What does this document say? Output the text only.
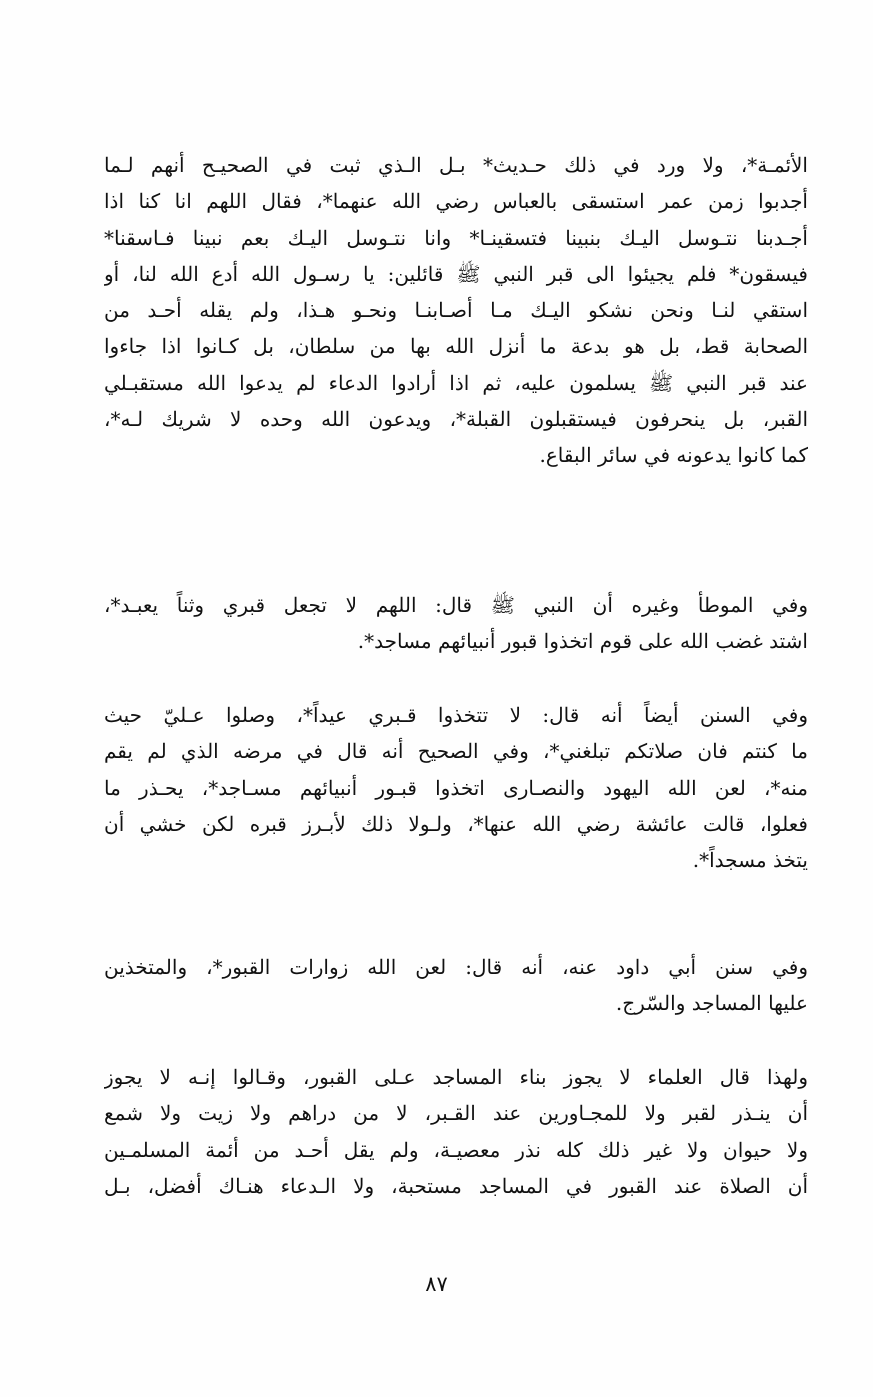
الأئمـة*، ولا ورد في ذلك حـديث* بـل الـذي ثبت في الصحيـح أنهم لـما
أجدبوا زمن عمر استسقى بالعباس رضي الله عنهما*، فقال اللهم انا كنا اذا
أجـدبنا نتـوسل اليـك بنبينا فتسقينـا* وانا نتـوسل اليـك بعم نبينا فـاسقنا*
فيسقون* فلم يجيئوا الى قبر النبي ﷺ قائلين: يا رسـول الله أدع الله لنا، أو
استقي لنـا ونحن نشكو اليـك مـا أصـابنـا ونحـو هـذا، ولم يقله أحـد من
الصحابة قط، بل هو بدعة ما أنزل الله بها من سلطان، بل كـانوا اذا جاءوا
عند قبر النبي ﷺ يسلمون عليه، ثم اذا أرادوا الدعاء لم يدعوا الله مستقبـلي
القبر، بل ينحرفون فيستقبلون القبلة*، ويدعون الله وحده لا شريك لـه*،
كما كانوا يدعونه في سائر البقاع.
وفي الموطأ وغيره أن النبي ﷺ قال: اللهم لا تجعل قبري وثناً يعبـد*،
اشتد غضب الله على قوم اتخذوا قبور أنبيائهم مساجد*.
وفي السنن أيضاً أنه قال: لا تتخذوا قـبري عيداً*، وصلوا عـليّ حيث
ما كنتم فان صلاتكم تبلغني*، وفي الصحيح أنه قال في مرضه الذي لم يقم
منه*، لعن الله اليهود والنصـارى اتخذوا قبـور أنبيائهم مسـاجد*، يحـذر ما
فعلوا، قالت عائشة رضي الله عنها*، ولـولا ذلك لأبـرز قبره لكن خشي أن
يتخذ مسجداً*.
وفي سنن أبي داود عنه، أنه قال: لعن الله زوارات القبور*، والمتخذين
عليها المساجد والسّرج.
ولهذا قال العلماء لا يجوز بناء المساجد عـلى القبور، وقـالوا إنـه لا يجوز
أن ينـذر لقبر ولا للمجـاورين عند القـبر، لا من دراهم ولا زيت ولا شمع
ولا حيوان ولا غير ذلك كله نذر معصيـة، ولم يقل أحـد من أئمة المسلمـين
أن الصلاة عند القبور في المساجد مستحبة، ولا الـدعاء هنـاك أفضل، بـل
٨٧
